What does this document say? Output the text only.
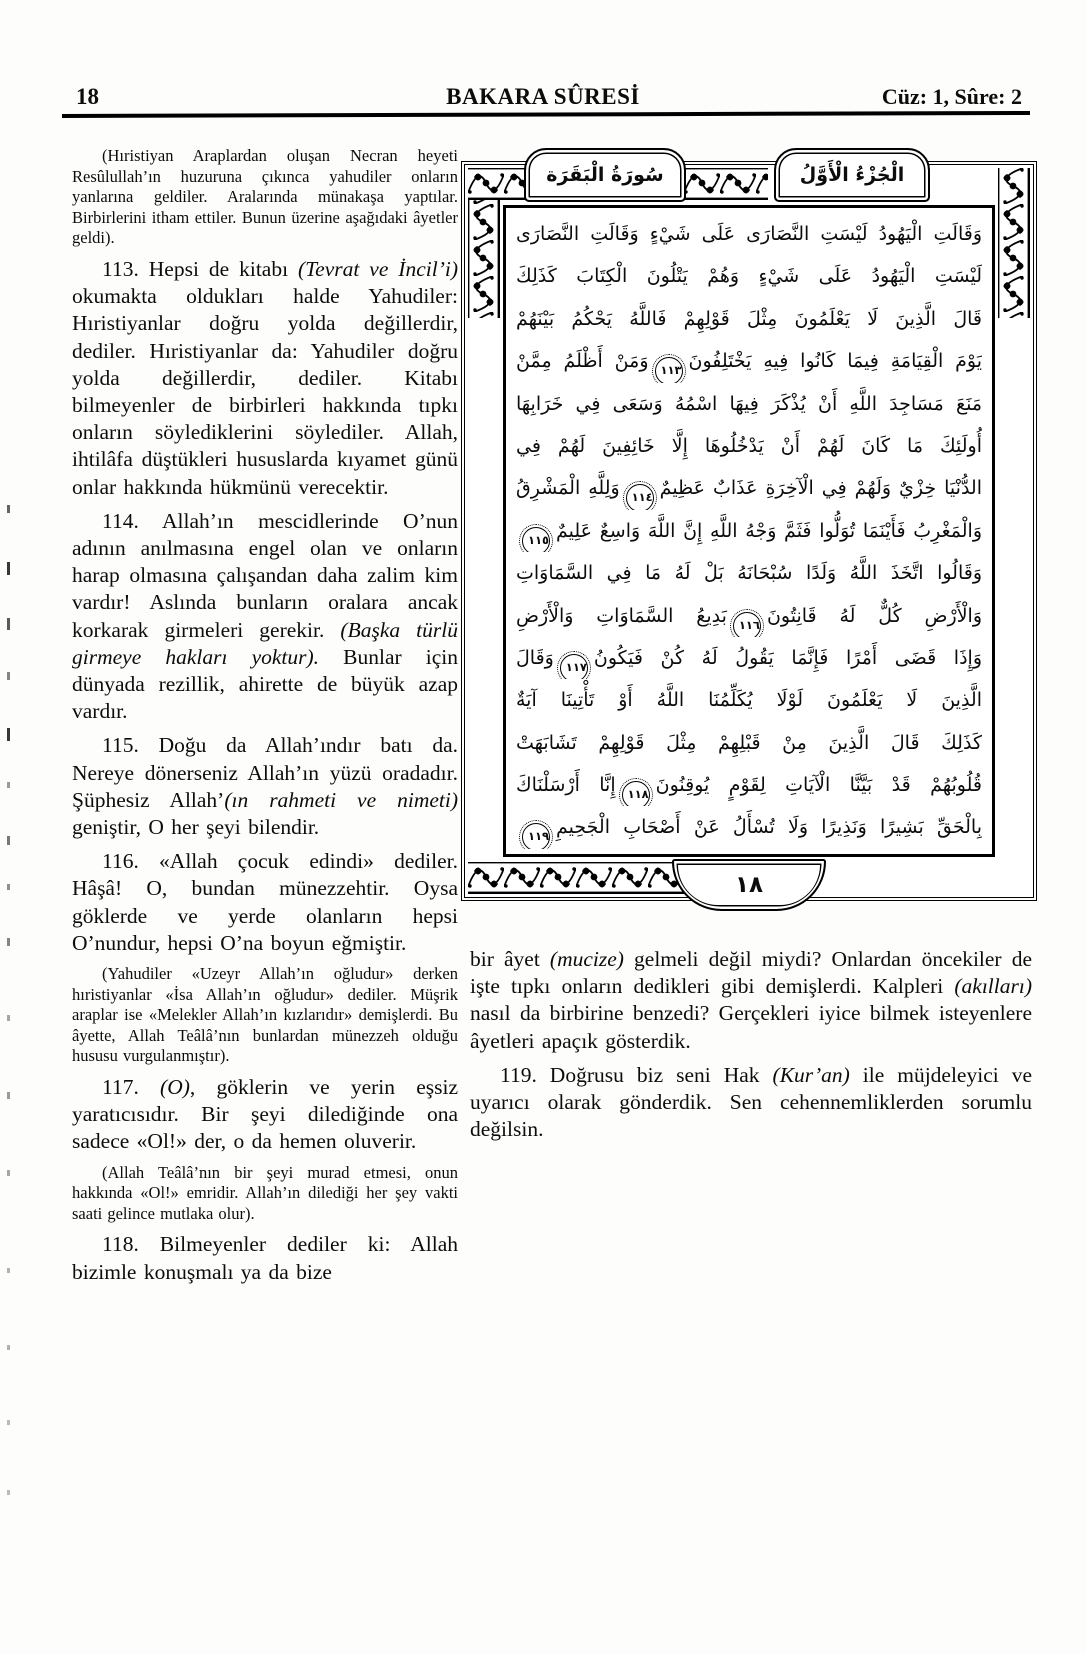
18	BAKARA SÛRESİ	Cüz: 1, Sûre: 2

(Hıristiyan Araplardan oluşan Necran heyeti Resûlullah’ın huzuruna çıkınca yahudiler onların yanlarına geldiler. Aralarında münakaşa yaptılar. Birbirlerini itham ettiler. Bunun üzerine aşağıdaki âyetler geldi).

113. Hepsi de kitabı (Tevrat ve İncil’i) okumakta oldukları halde Yahudiler: Hıristiyanlar doğru yolda değillerdir, dediler. Hıristiyanlar da: Yahudiler doğru yolda değillerdir, dediler. Kitabı bilmeyenler de birbirleri hakkında tıpkı onların söylediklerini söylediler. Allah, ihtilâfa düştükleri hususlarda kıyamet günü onlar hakkında hükmünü verecektir.

114. Allah’ın mescidlerinde O’nun adının anılmasına engel olan ve onların harap olmasına çalışandan daha zalim kim vardır! Aslında bunların oralara ancak korkarak girmeleri gerekir. (Başka türlü girmeye hakları yoktur). Bunlar için dünyada rezillik, ahirette de büyük azap vardır.

115. Doğu da Allah’ındır batı da. Nereye dönerseniz Allah’ın yüzü oradadır. Şüphesiz Allah’(ın rahmeti ve nimeti) geniştir, O her şeyi bilendir.

116. «Allah çocuk edindi» dediler. Hâşâ! O, bundan münezzehtir. Oysa göklerde ve yerde olanların hepsi O’nundur, hepsi O’na boyun eğmiştir.

(Yahudiler «Uzeyr Allah’ın oğludur» derken hıristiyanlar «İsa Allah’ın oğludur» dediler. Müşrik araplar ise «Melekler Allah’ın kızlarıdır» demişlerdi. Bu âyette, Allah Teâlâ’nın bunlardan münezzeh olduğu hususu vurgulanmıştır).

117. (O), göklerin ve yerin eşsiz yaratıcısıdır. Bir şeyi dilediğinde ona sadece «Ol!» der, o da hemen oluverir.

(Allah Teâlâ’nın bir şeyi murad etmesi, onun hakkında «Ol!» emridir. Allah’ın dilediği her şey vakti saati gelince mutlaka olur).

118. Bilmeyenler dediler ki: Allah bizimle konuşmalı ya da bize

وَقَالَتِ الْيَهُودُ لَيْسَتِ النَّصَارَى عَلَى شَيْءٍ وَقَالَتِ النَّصَارَى
لَيْسَتِ الْيَهُودُ عَلَى شَيْءٍ وَهُمْ يَتْلُونَ الْكِتَابَ كَذَلِكَ
قَالَ الَّذِينَ لَا يَعْلَمُونَ مِثْلَ قَوْلِهِمْ فَاللَّهُ يَحْكُمُ بَيْنَهُمْ
يَوْمَ الْقِيَامَةِ فِيمَا كَانُوا فِيهِ يَخْتَلِفُونَ١١٣وَمَنْ أَظْلَمُ مِمَّنْ
مَنَعَ مَسَاجِدَ اللَّهِ أَنْ يُذْكَرَ فِيهَا اسْمُهُ وَسَعَى فِي خَرَابِهَا
أُولَئِكَ مَا كَانَ لَهُمْ أَنْ يَدْخُلُوهَا إِلَّا خَائِفِينَ لَهُمْ فِي
الدُّنْيَا خِزْيٌ وَلَهُمْ فِي الْآخِرَةِ عَذَابٌ عَظِيمٌ١١٤وَلِلَّهِ الْمَشْرِقُ
وَالْمَغْرِبُ فَأَيْنَمَا تُوَلُّوا فَثَمَّ وَجْهُ اللَّهِ إِنَّ اللَّهَ وَاسِعٌ عَلِيمٌ١١٥
وَقَالُوا اتَّخَذَ اللَّهُ وَلَدًا سُبْحَانَهُ بَلْ لَهُ مَا فِي السَّمَاوَاتِ
وَالْأَرْضِ كُلٌّ لَهُ قَانِتُونَ١١٦بَدِيعُ السَّمَاوَاتِ وَالْأَرْضِ
وَإِذَا قَضَى أَمْرًا فَإِنَّمَا يَقُولُ لَهُ كُنْ فَيَكُونُ١١٧وَقَالَ
الَّذِينَ لَا يَعْلَمُونَ لَوْلَا يُكَلِّمُنَا اللَّهُ أَوْ تَأْتِينَا آيَةٌ
كَذَلِكَ قَالَ الَّذِينَ مِنْ قَبْلِهِمْ مِثْلَ قَوْلِهِمْ تَشَابَهَتْ
قُلُوبُهُمْ قَدْ بَيَّنَّا الْآيَاتِ لِقَوْمٍ يُوقِنُونَ١١٨إِنَّا أَرْسَلْنَاكَ
بِالْحَقِّ بَشِيرًا وَنَذِيرًا وَلَا تُسْأَلُ عَنْ أَصْحَابِ الْجَحِيمِ١١٩
سُورَةُ الْبَقَرَة	الْجُزْءُ الْأَوَّلُ
١٨

bir âyet (mucize) gelmeli değil miydi? Onlardan öncekiler de işte tıpkı onların dedikleri gibi demişlerdi. Kalpleri (akılları) nasıl da birbirine benzedi? Gerçekleri iyice bilmek isteyenlere âyetleri apaçık gösterdik.

119. Doğrusu biz seni Hak (Kur’an) ile müjdeleyici ve uyarıcı olarak gönderdik. Sen cehennemliklerden sorumlu değilsin.
